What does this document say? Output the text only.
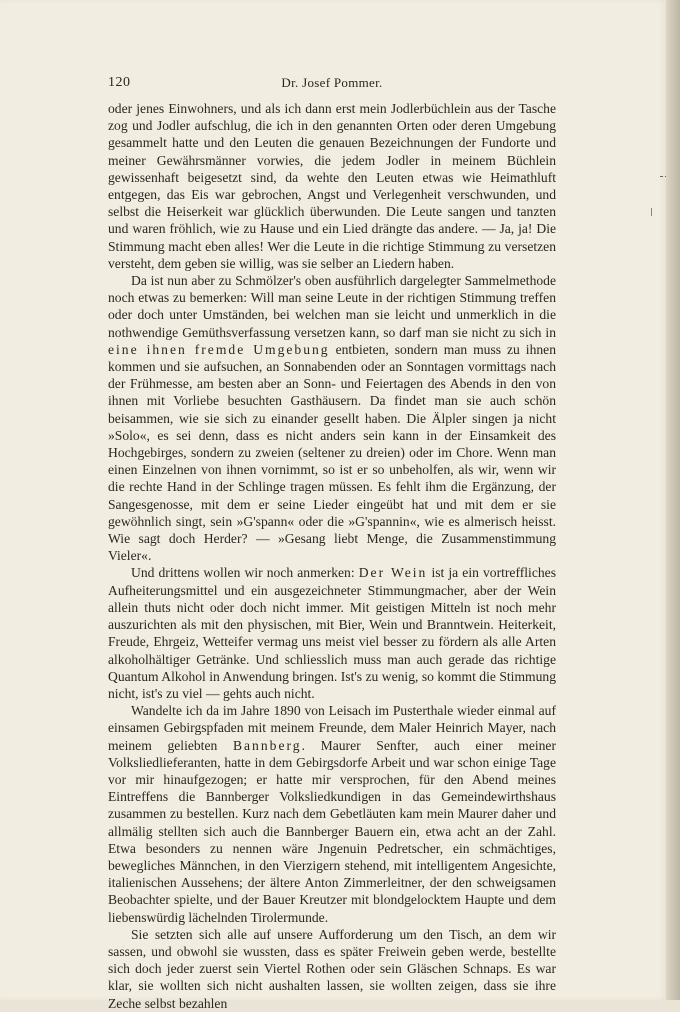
120	Dr. Josef Pommer.

oder jenes Einwohners, und als ich dann erst mein Jodlerbüchlein aus der Tasche zog und Jodler aufschlug, die ich in den genannten Orten oder deren Umgebung gesammelt hatte und den Leuten die genauen Bezeichnungen der Fundorte und meiner Gewährsmänner vorwies, die jedem Jodler in meinem Büchlein gewissenhaft beigesetzt sind, da wehte den Leuten etwas wie Heimathluft entgegen, das Eis war gebrochen, Angst und Verlegenheit verschwunden, und selbst die Heiserkeit war glücklich überwunden. Die Leute sangen und tanzten und waren fröhlich, wie zu Hause und ein Lied drängte das andere. — Ja, ja! Die Stimmung macht eben alles! Wer die Leute in die richtige Stimmung zu versetzen versteht, dem geben sie willig, was sie selber an Liedern haben.

Da ist nun aber zu Schmölzer's oben ausführlich dargelegter Sammelmethode noch etwas zu bemerken: Will man seine Leute in der richtigen Stimmung treffen oder doch unter Umständen, bei welchen man sie leicht und unmerklich in die nothwendige Gemüthsverfassung versetzen kann, so darf man sie nicht zu sich in eine ihnen fremde Umgebung entbieten, sondern man muss zu ihnen kommen und sie aufsuchen, an Sonnabenden oder an Sonntagen vormittags nach der Frühmesse, am besten aber an Sonn- und Feiertagen des Abends in den von ihnen mit Vorliebe besuchten Gasthäusern. Da findet man sie auch schön beisammen, wie sie sich zu einander gesellt haben. Die Älpler singen ja nicht »Solo«, es sei denn, dass es nicht anders sein kann in der Einsamkeit des Hochgebirges, sondern zu zweien (seltener zu dreien) oder im Chore. Wenn man einen Einzelnen von ihnen vornimmt, so ist er so unbeholfen, als wir, wenn wir die rechte Hand in der Schlinge tragen müssen. Es fehlt ihm die Ergänzung, der Sangesgenosse, mit dem er seine Lieder eingeübt hat und mit dem er sie gewöhnlich singt, sein »G'spann« oder die »G'spannin«, wie es almerisch heisst. Wie sagt doch Herder? — »Gesang liebt Menge, die Zusammenstimmung Vieler«.

Und drittens wollen wir noch anmerken: Der Wein ist ja ein vortreffliches Aufheiterungsmittel und ein ausgezeichneter Stimmungmacher, aber der Wein allein thuts nicht oder doch nicht immer. Mit geistigen Mitteln ist noch mehr auszurichten als mit den physischen, mit Bier, Wein und Branntwein. Heiterkeit, Freude, Ehrgeiz, Wetteifer vermag uns meist viel besser zu fördern als alle Arten alkoholhältiger Getränke. Und schliesslich muss man auch gerade das richtige Quantum Alkohol in Anwendung bringen. Ist's zu wenig, so kommt die Stimmung nicht, ist's zu viel — gehts auch nicht.

Wandelte ich da im Jahre 1890 von Leisach im Pusterthale wieder einmal auf einsamen Gebirgspfaden mit meinem Freunde, dem Maler Heinrich Mayer, nach meinem geliebten Bannberg. Maurer Senfter, auch einer meiner Volksliedlieferanten, hatte in dem Gebirgsdorfe Arbeit und war schon einige Tage vor mir hinaufgezogen; er hatte mir versprochen, für den Abend meines Eintreffens die Bannberger Volksliedkundigen in das Gemeindewirthshaus zusammen zu bestellen. Kurz nach dem Gebetläuten kam mein Maurer daher und allmälig stellten sich auch die Bannberger Bauern ein, etwa acht an der Zahl. Etwa besonders zu nennen wäre Jngenuin Pedretscher, ein schmächtiges, bewegliches Männchen, in den Vierzigern stehend, mit intelligentem Angesichte, italienischen Aussehens; der ältere Anton Zimmerleitner, der den schweigsamen Beobachter spielte, und der Bauer Kreutzer mit blondgelocktem Haupte und dem liebenswürdig lächelnden Tirolermunde.

Sie setzten sich alle auf unsere Aufforderung um den Tisch, an dem wir sassen, und obwohl sie wussten, dass es später Freiwein geben werde, bestellte sich doch jeder zuerst sein Viertel Rothen oder sein Gläschen Schnaps. Es war klar, sie wollten sich nicht aushalten lassen, sie wollten zeigen, dass sie ihre Zeche selbst bezahlen
